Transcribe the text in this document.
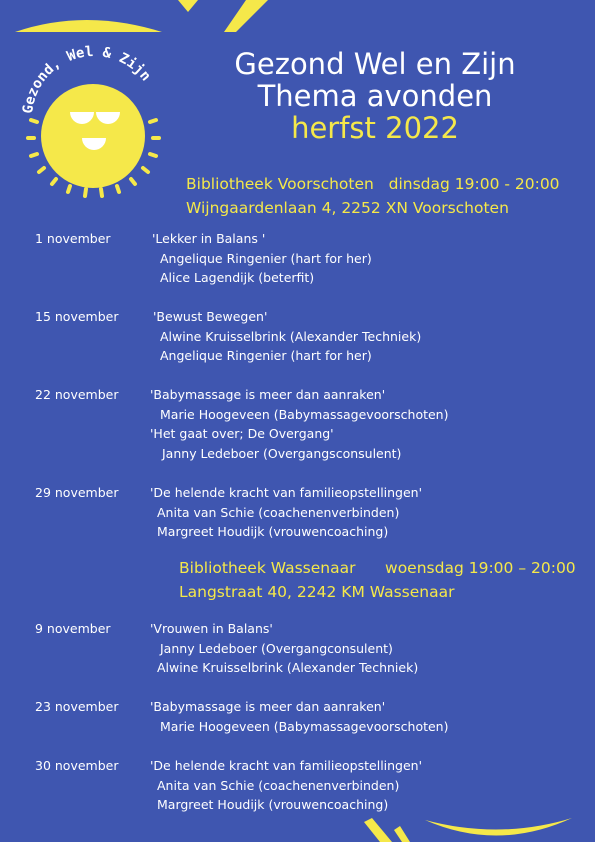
Gezond, Wel & Zijn	Gezond Wel en Zijn
Thema avonden
herfst 2022
Bibliotheek Voorschoten   dinsdag 19:00 - 20:00
Wijngaardenlaan 4, 2252 XN Voorschoten
1 november	'Lekker in Balans '
Angelique Ringenier (hart for her)
Alice Lagendijk (beterfit)
15 november	'Bewust Bewegen'
Alwine Kruisselbrink (Alexander Techniek)
Angelique Ringenier (hart for her)
22 november	'Babymassage is meer dan aanraken'
Marie Hoogeveen (Babymassagevoorschoten)
'Het gaat over; De Overgang'
Janny Ledeboer (Overgangsconsulent)
29 november	'De helende kracht van familieopstellingen'
Anita van Schie (coachenenverbinden)
Margreet Houdijk (vrouwencoaching)
Bibliotheek Wassenaar      woensdag 19:00 – 20:00
Langstraat 40, 2242 KM Wassenaar
9 november	'Vrouwen in Balans'
Janny Ledeboer (Overgangconsulent)
Alwine Kruisselbrink (Alexander Techniek)
23 november	'Babymassage is meer dan aanraken'
Marie Hoogeveen (Babymassagevoorschoten)
30 november	'De helende kracht van familieopstellingen'
Anita van Schie (coachenenverbinden)
Margreet Houdijk (vrouwencoaching)
